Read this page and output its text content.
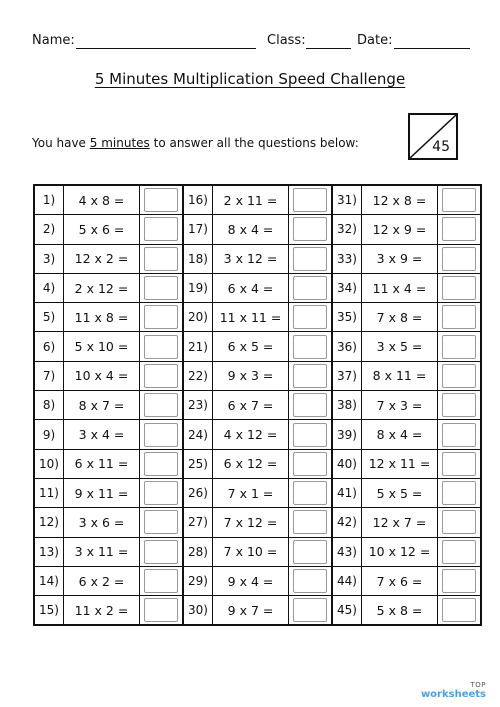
Name:	Class:	Date:
5 Minutes Multiplication Speed Challenge
You have 5 minutes to answer all the questions below:	45
1)	4 x 8 =		16)	2 x 11 =		31)	12 x 8 =	

2)	5 x 6 =		17)	8 x 4 =		32)	12 x 9 =	

3)	12 x 2 =		18)	3 x 12 =		33)	3 x 9 =	

4)	2 x 12 =		19)	6 x 4 =		34)	11 x 4 =	

5)	11 x 8 =		20)	11 x 11 =		35)	7 x 8 =	

6)	5 x 10 =		21)	6 x 5 =		36)	3 x 5 =	

7)	10 x 4 =		22)	9 x 3 =		37)	8 x 11 =	

8)	8 x 7 =		23)	6 x 7 =		38)	7 x 3 =	

9)	3 x 4 =		24)	4 x 12 =		39)	8 x 4 =	

10)	6 x 11 =		25)	6 x 12 =		40)	12 x 11 =	

11)	9 x 11 =		26)	7 x 1 =		41)	5 x 5 =	

12)	3 x 6 =		27)	7 x 12 =		42)	12 x 7 =	

13)	3 x 11 =		28)	7 x 10 =		43)	10 x 12 =	

14)	6 x 2 =		29)	9 x 4 =		44)	7 x 6 =	

15)	11 x 2 =		30)	9 x 7 =		45)	5 x 8 =	
TOP
worksheets
